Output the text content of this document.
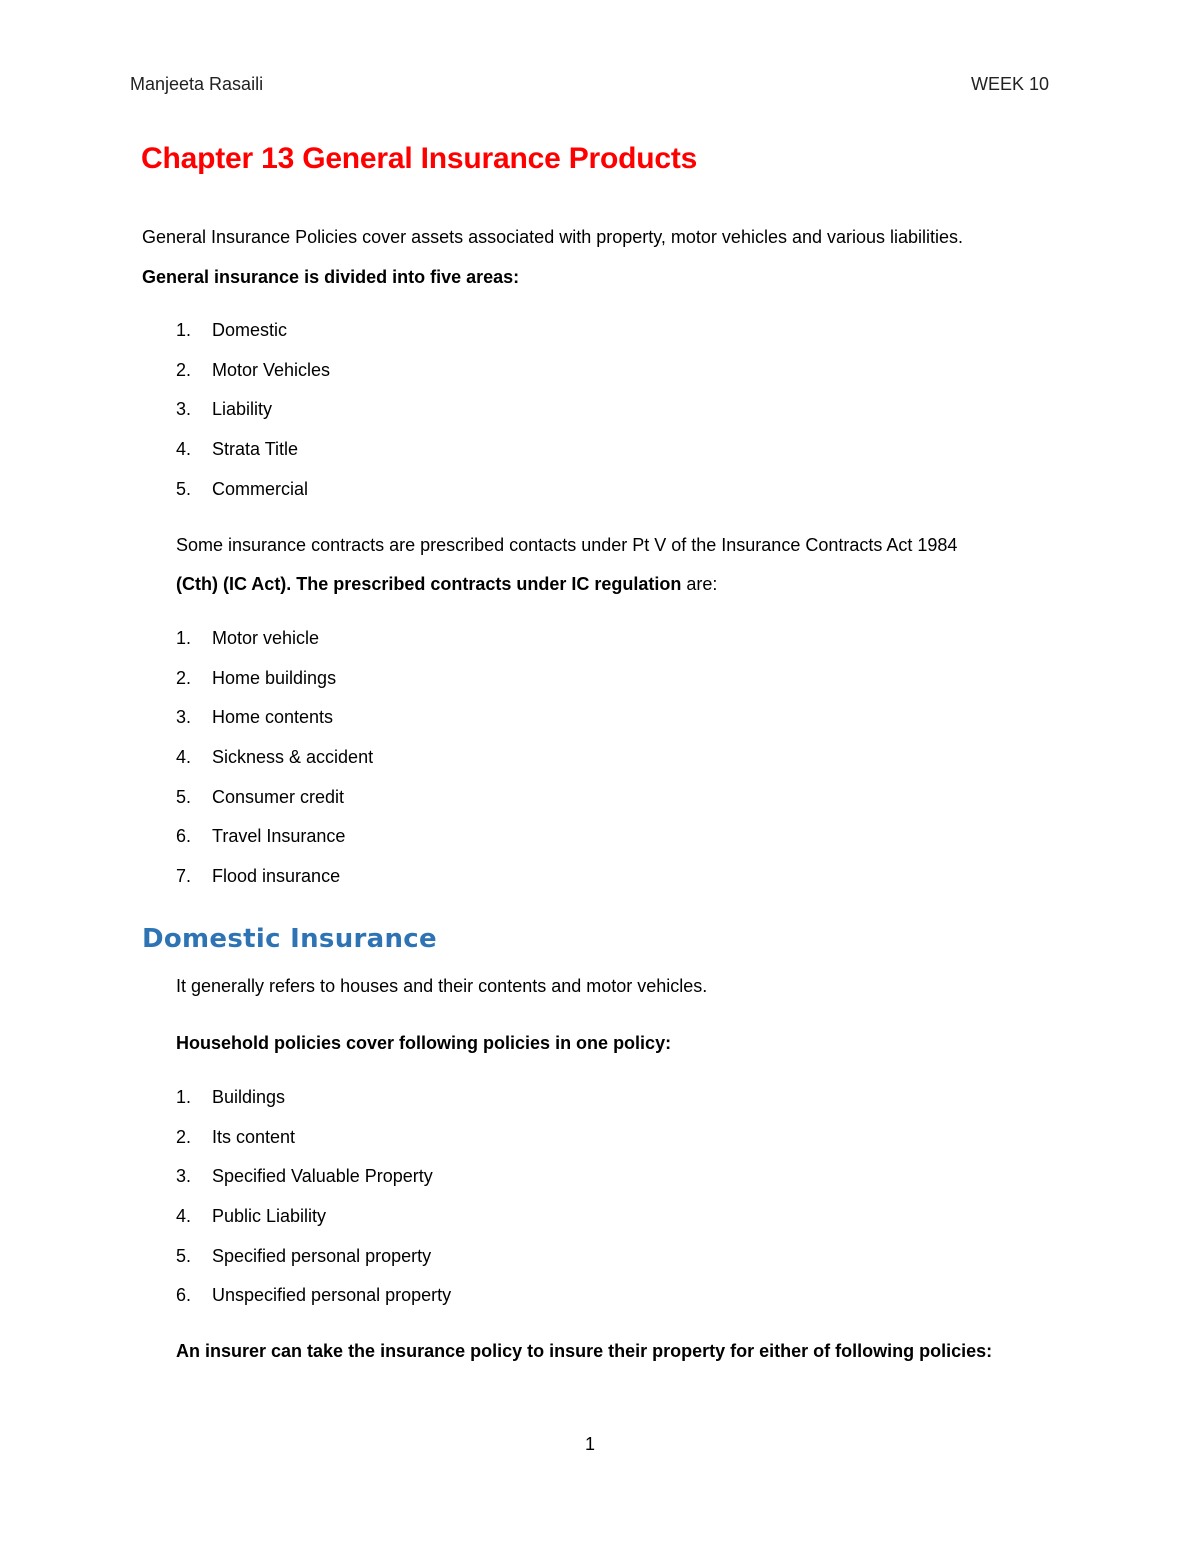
Manjeeta Rasaili	WEEK 10
Chapter 13 General Insurance Products

General Insurance Policies cover assets associated with property, motor vehicles and various liabilities.

General insurance is divided into five areas:

1.	Domestic
2.	Motor Vehicles
3.	Liability
4.	Strata Title
5.	Commercial

Some insurance contracts are prescribed contacts under Pt V of the Insurance Contracts Act 1984

(Cth) (IC Act). The prescribed contracts under IC regulation are:

1.	Motor vehicle
2.	Home buildings
3.	Home contents
4.	Sickness & accident
5.	Consumer credit
6.	Travel Insurance
7.	Flood insurance
Domestic Insurance

It generally refers to houses and their contents and motor vehicles.

Household policies cover following policies in one policy:

1.	Buildings
2.	Its content
3.	Specified Valuable Property
4.	Public Liability
5.	Specified personal property
6.	Unspecified personal property

An insurer can take the insurance policy to insure their property for either of following policies:

1
